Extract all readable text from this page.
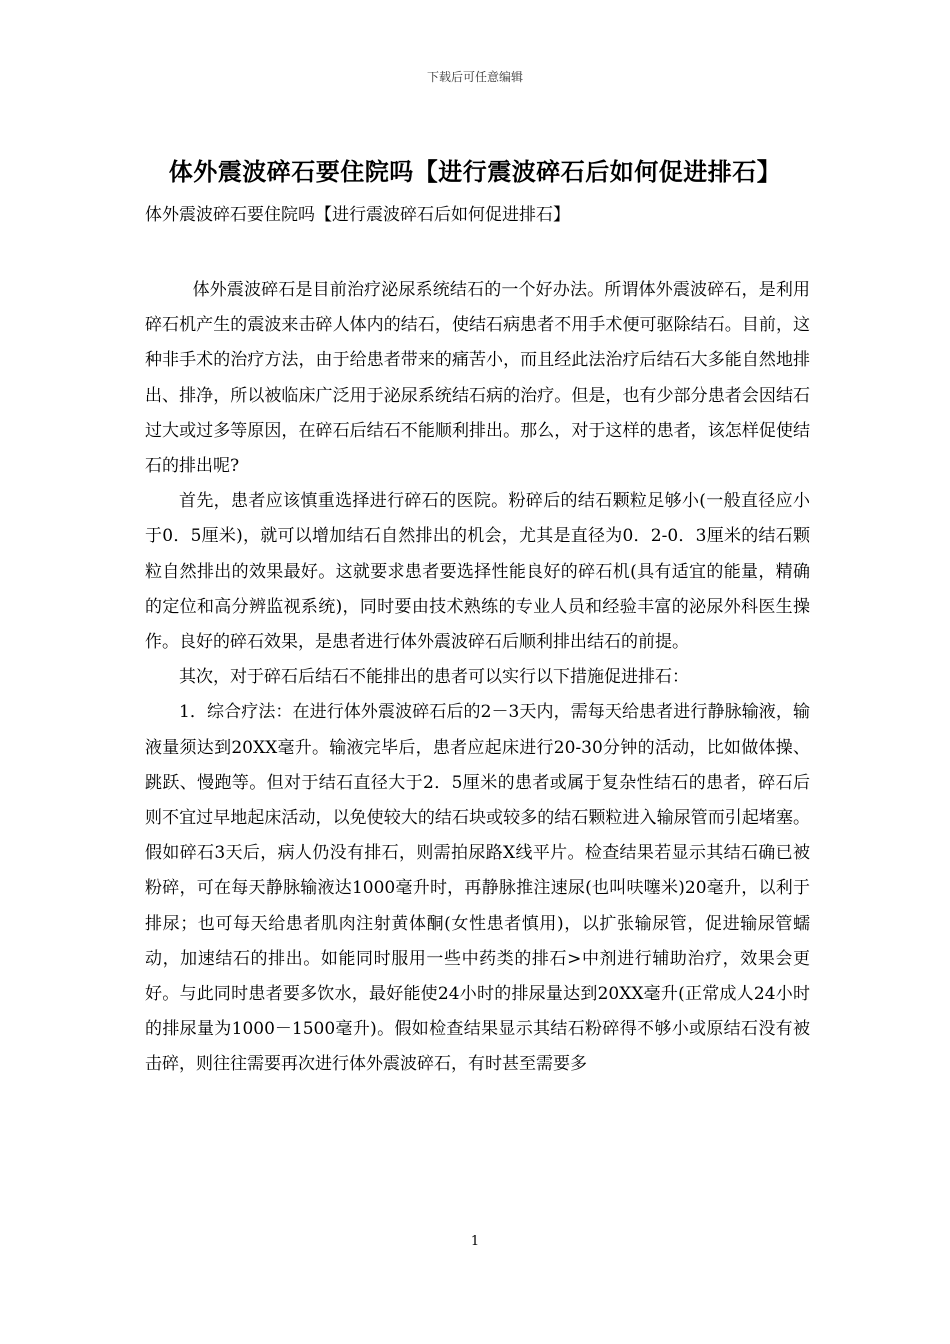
下载后可任意编辑
体外震波碎石要住院吗【进行震波碎石后如何促进排石】

体外震波碎石要住院吗【进行震波碎石后如何促进排石】

体外震波碎石是目前治疗泌尿系统结石的一个好办法。所谓体外震波碎石，是利用碎石机产生的震波来击碎人体内的结石，使结石病患者不用手术便可驱除结石。目前，这种非手术的治疗方法，由于给患者带来的痛苦小，而且经此法治疗后结石大多能自然地排出、排净，所以被临床广泛用于泌尿系统结石病的治疗。但是，也有少部分患者会因结石过大或过多等原因，在碎石后结石不能顺利排出。那么，对于这样的患者，该怎样促使结石的排出呢?

首先，患者应该慎重选择进行碎石的医院。粉碎后的结石颗粒足够小(一般直径应小于0．5厘米)，就可以增加结石自然排出的机会，尤其是直径为0．2-0．3厘米的结石颗粒自然排出的效果最好。这就要求患者要选择性能良好的碎石机(具有适宜的能量，精确的定位和高分辨监视系统)，同时要由技术熟练的专业人员和经验丰富的泌尿外科医生操作。良好的碎石效果，是患者进行体外震波碎石后顺利排出结石的前提。

其次，对于碎石后结石不能排出的患者可以实行以下措施促进排石：

1．综合疗法：在进行体外震波碎石后的2－3天内，需每天给患者进行静脉输液，输液量须达到20XX毫升。输液完毕后，患者应起床进行20-30分钟的活动，比如做体操、跳跃、慢跑等。但对于结石直径大于2．5厘米的患者或属于复杂性结石的患者，碎石后则不宜过早地起床活动，以免使较大的结石块或较多的结石颗粒进入输尿管而引起堵塞。假如碎石3天后，病人仍没有排石，则需拍尿路X线平片。检查结果若显示其结石确已被粉碎，可在每天静脉输液达1000毫升时，再静脉推注速尿(也叫呋噻米)20毫升，以利于排尿；也可每天给患者肌肉注射黄体酮(女性患者慎用)，以扩张输尿管，促进输尿管蠕动，加速结石的排出。如能同时服用一些中药类的排石>中剂进行辅助治疗，效果会更好。与此同时患者要多饮水，最好能使24小时的排尿量达到20XX毫升(正常成人24小时的排尿量为1000－1500毫升)。假如检查结果显示其结石粉碎得不够小或原结石没有被击碎，则往往需要再次进行体外震波碎石，有时甚至需要多

1
